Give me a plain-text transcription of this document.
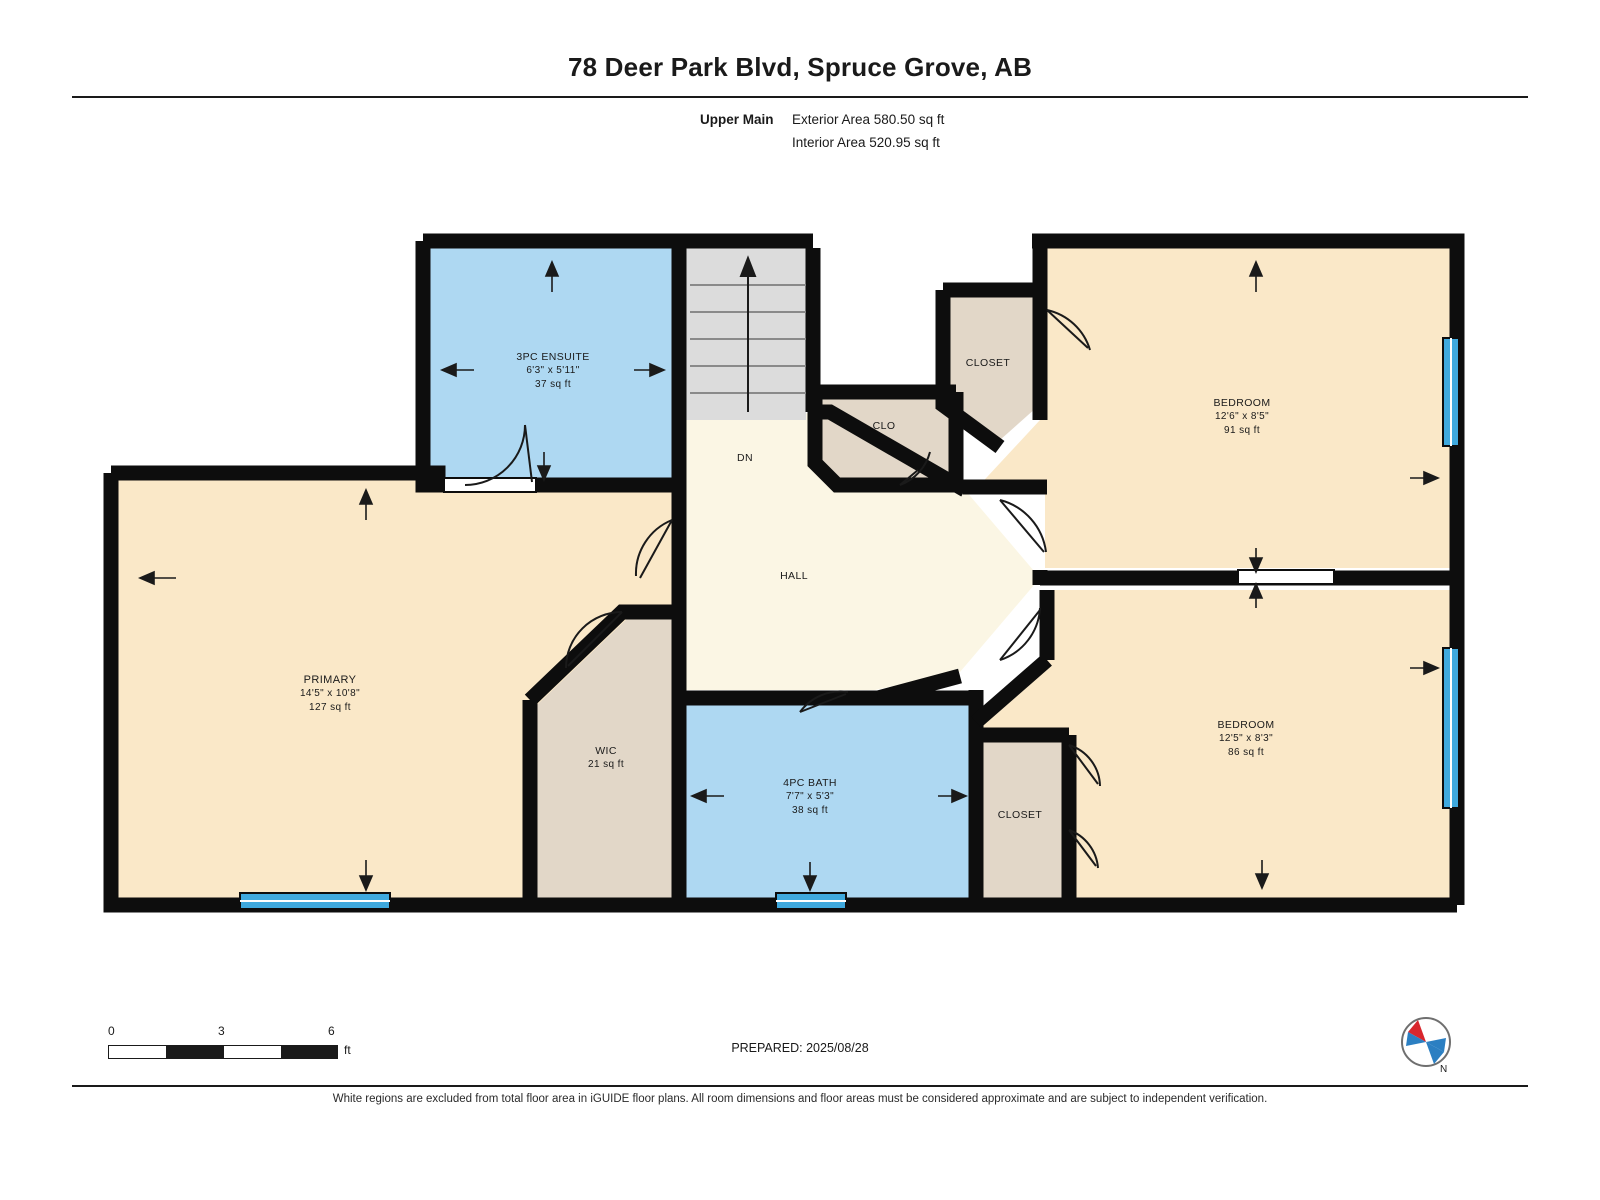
78 Deer Park Blvd, Spruce Grove, AB
Upper Main Exterior Area 580.50 sq ft
Interior Area 520.95 sq ft
3PC ENSUITE
6'3" x 5'11"
37 sq ft
PRIMARY
14'5" x 10'8"
127 sq ft
WIC
21 sq ft
4PC BATH
7'7" x 5'3"
38 sq ft
BEDROOM
12'6" x 8'5"
91 sq ft
BEDROOM
12'5" x 8'3"
86 sq ft
CLOSET
CLOSET
CLO
HALL
DN
0	3	6
ft	PREPARED: 2025/08/28
N
White regions are excluded from total floor area in iGUIDE floor plans. All room dimensions and floor areas must be considered approximate and are subject to independent verification.
